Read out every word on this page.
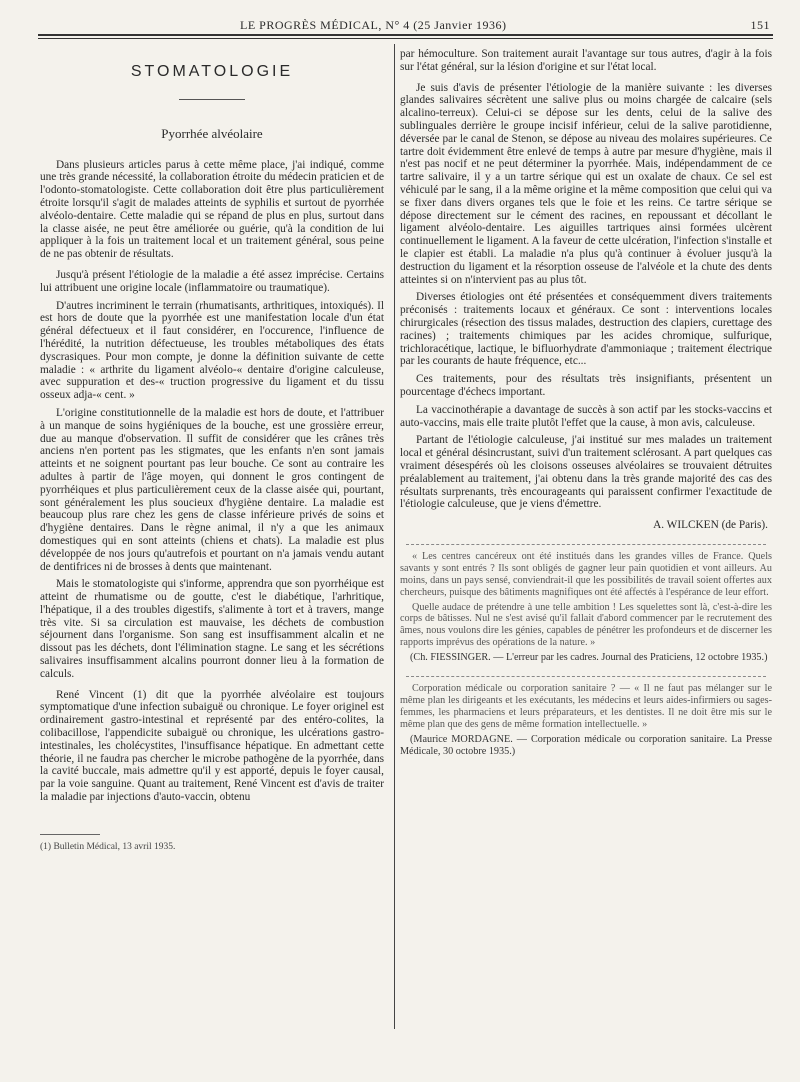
LE PROGRÈS MÉDICAL, N° 4 (25 Janvier 1936)	151
STOMATOLOGIE
Pyorrhée alvéolaire

Dans plusieurs articles parus à cette même place, j'ai indiqué, comme une très grande nécessité, la collaboration étroite du médecin praticien et de l'odonto-stomatologiste. Cette collaboration doit être plus particulièrement étroite lorsqu'il s'agit de malades atteints de syphilis et surtout de pyorrhée alvéolo-dentaire. Cette maladie qui se répand de plus en plus, surtout dans la classe aisée, ne peut être améliorée ou guérie, qu'à la condition de lui appliquer à la fois un traitement local et un traitement général, sous peine de ne pas obtenir de résultats.

Jusqu'à présent l'étiologie de la maladie a été assez imprécise. Certains lui attribuent une origine locale (inflammatoire ou traumatique).

D'autres incriminent le terrain (rhumatisants, arthritiques, intoxiqués). Il est hors de doute que la pyorrhée est une manifestation locale d'un état général défectueux et il faut considérer, en l'occurence, l'influence de l'hérédité, la nutrition défectueuse, les troubles métaboliques des états dyscrasiques. Pour mon compte, je donne la définition suivante de cette maladie : « arthrite du ligament alvéolo-« dentaire d'origine calculeuse, avec suppuration et des-« truction progressive du ligament et du tissu osseux adja-« cent. »

L'origine constitutionnelle de la maladie est hors de doute, et l'attribuer à un manque de soins hygiéniques de la bouche, est une grossière erreur, due au manque d'observation. Il suffit de considérer que les crânes très anciens n'en portent pas les stigmates, que les enfants n'en sont jamais atteints et ne soignent pourtant pas leur bouche. Ce sont au contraire les adultes à partir de l'âge moyen, qui donnent le gros contingent de pyorrhéiques et plus particulièrement ceux de la classe aisée qui, pourtant, sont généralement les plus soucieux d'hygiène dentaire. La maladie est beaucoup plus rare chez les gens de classe inférieure privés de soins et d'hygiène dentaires. Dans le règne animal, il n'y a que les animaux domestiques qui en sont atteints (chiens et chats). La maladie est plus développée de nos jours qu'autrefois et pourtant on n'a jamais vendu autant de dentifrices ni de brosses à dents que maintenant.

Mais le stomatologiste qui s'informe, apprendra que son pyorrhéique est atteint de rhumatisme ou de goutte, c'est le diabétique, l'arhritique, l'hépatique, il a des troubles digestifs, s'alimente à tort et à travers, mange très vite. Si sa circulation est mauvaise, les déchets de combustion séjournent dans l'organisme. Son sang est insuffisamment alcalin et ne dissout pas les déchets, dont l'élimination stagne. Le sang et les sécrétions salivaires insuffisamment alcalins pourront donner lieu à la formation de calculs.

René Vincent (1) dit que la pyorrhée alvéolaire est toujours symptomatique d'une infection subaiguë ou chronique. Le foyer originel est ordinairement gastro-intestinal et représenté par des entéro-colites, la colibacillose, l'appendicite subaiguë ou chronique, les ulcérations gastro-intestinales, les cholécystites, l'insuffisance hépatique. En admettant cette théorie, il ne faudra pas chercher le microbe pathogène de la pyorrhée, dans la cavité buccale, mais admettre qu'il y est apporté, depuis le foyer causal, par la voie sanguine. Quant au traitement, René Vincent est d'avis de traiter la maladie par injections d'auto-vaccin, obtenu

(1) Bulletin Médical, 13 avril 1935.

par hémoculture. Son traitement aurait l'avantage sur tous autres, d'agir à la fois sur l'état général, sur la lésion d'origine et sur l'état local.

Je suis d'avis de présenter l'étiologie de la manière suivante : les diverses glandes salivaires sécrètent une salive plus ou moins chargée de calcaire (sels alcalino-terreux). Celui-ci se dépose sur les dents, celui de la salive des sublinguales derrière le groupe incisif inférieur, celui de la salive parotidienne, déversée par le canal de Stenon, se dépose au niveau des molaires supérieures. Ce tartre doit évidemment être enlevé de temps à autre par mesure d'hygiène, mais il n'est pas nocif et ne peut déterminer la pyorrhée. Mais, indépendamment de ce tartre salivaire, il y a un tartre sérique qui est un oxalate de chaux. Ce sel est véhiculé par le sang, il a la même origine et la même composition que celui qui va se fixer dans divers organes tels que le foie et les reins. Ce tartre sérique se dépose directement sur le cément des racines, en repoussant et décollant le ligament alvéolo-dentaire. Les aiguilles tartriques ainsi formées ulcèrent continuellement le ligament. A la faveur de cette ulcération, l'infection s'installe et le clapier est établi. La maladie n'a plus qu'à continuer à évoluer jusqu'à la destruction du ligament et la résorption osseuse de l'alvéole et la chute des dents atteintes si on n'intervient pas au plus tôt.

Diverses étiologies ont été présentées et conséquemment divers traitements préconisés : traitements locaux et généraux. Ce sont : interventions locales chirurgicales (résection des tissus malades, destruction des clapiers, curettage des racines) ; traitements chimiques par les acides chromique, sulfurique, trichloracétique, lactique, le bifluorhydrate d'ammoniaque ; traitement électrique par les courants de haute fréquence, etc...

Ces traitements, pour des résultats très insignifiants, présentent un pourcentage d'échecs important.

La vaccinothérapie a davantage de succès à son actif par les stocks-vaccins et auto-vaccins, mais elle traite plutôt l'effet que la cause, à mon avis, calculeuse.

Partant de l'étiologie calculeuse, j'ai institué sur mes malades un traitement local et général désincrustant, suivi d'un traitement sclérosant. A part quelques cas vraiment désespérés où les cloisons osseuses alvéolaires se trouvaient détruites préalablement au traitement, j'ai obtenu dans la très grande majorité des cas des résultats surprenants, très encourageants qui paraissent confirmer l'exactitude de l'étiologie calculeuse, que je viens d'émettre.

A. WILCKEN (de Paris).

« Les centres cancéreux ont été institués dans les grandes villes de France. Quels savants y sont entrés ? Ils sont obligés de gagner leur pain quotidien et vont ailleurs. Au moins, dans un pays sensé, conviendrait-il que les possibilités de travail soient offertes aux chercheurs, puisque des bâtiments magnifiques ont été affectés à l'espérance de leur effort.

Quelle audace de prétendre à une telle ambition ! Les squelettes sont là, c'est-à-dire les corps de bâtisses. Nul ne s'est avisé qu'il fallait d'abord commencer par le recrutement des âmes, nous voulons dire les génies, capables de pénétrer les profondeurs et de discerner les rapports imprévus des opérations de la nature. »

(Ch. FIESSINGER. — L'erreur par les cadres. Journal des Praticiens, 12 octobre 1935.)

Corporation médicale ou corporation sanitaire ? — « Il ne faut pas mélanger sur le même plan les dirigeants et les exécutants, les médecins et leurs aides-infirmiers ou sages-femmes, les pharmaciens et leurs préparateurs, et les dentistes. Il ne doit être mis sur le même plan que des gens de même formation intellectuelle. »

(Maurice MORDAGNE. — Corporation médicale ou corporation sanitaire. La Presse Médicale, 30 octobre 1935.)
